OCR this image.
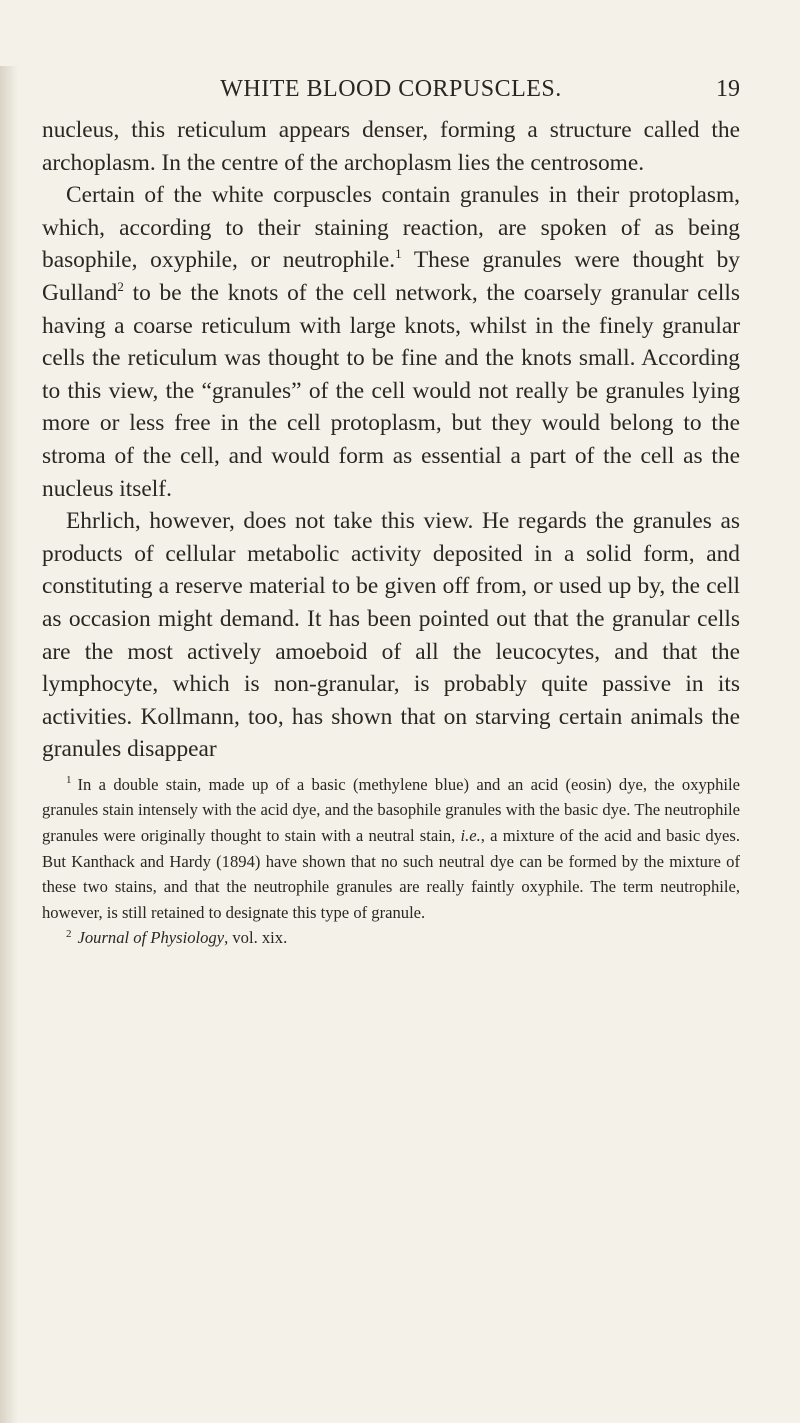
WHITE BLOOD CORPUSCLES.	19

nucleus, this reticulum appears denser, forming a structure called the archoplasm. In the centre of the archoplasm lies the centrosome.

Certain of the white corpuscles contain granules in their protoplasm, which, according to their staining reaction, are spoken of as being basophile, oxyphile, or neutrophile.$^1$ These granules were thought by Gulland$^2$ to be the knots of the cell network, the coarsely granular cells having a coarse reticulum with large knots, whilst in the finely granular cells the reticulum was thought to be fine and the knots small. According to this view, the “granules” of the cell would not really be granules lying more or less free in the cell protoplasm, but they would belong to the stroma of the cell, and would form as essential a part of the cell as the nucleus itself.

Ehrlich, however, does not take this view. He regards the granules as products of cellular metabolic activity deposited in a solid form, and constituting a reserve material to be given off from, or used up by, the cell as occasion might demand. It has been pointed out that the granular cells are the most actively amoeboid of all the leucocytes, and that the lymphocyte, which is non-granular, is probably quite passive in its activities. Kollmann, too, has shown that on starving certain animals the granules disappear

$^1$ In a double stain, made up of a basic (methylene blue) and an acid (eosin) dye, the oxyphile granules stain intensely with the acid dye, and the basophile granules with the basic dye. The neutrophile granules were originally thought to stain with a neutral stain, i.e., a mixture of the acid and basic dyes. But Kanthack and Hardy (1894) have shown that no such neutral dye can be formed by the mixture of these two stains, and that the neutrophile granules are really faintly oxyphile. The term neutrophile, however, is still retained to designate this type of granule.

$^2$ Journal of Physiology, vol. xix.
